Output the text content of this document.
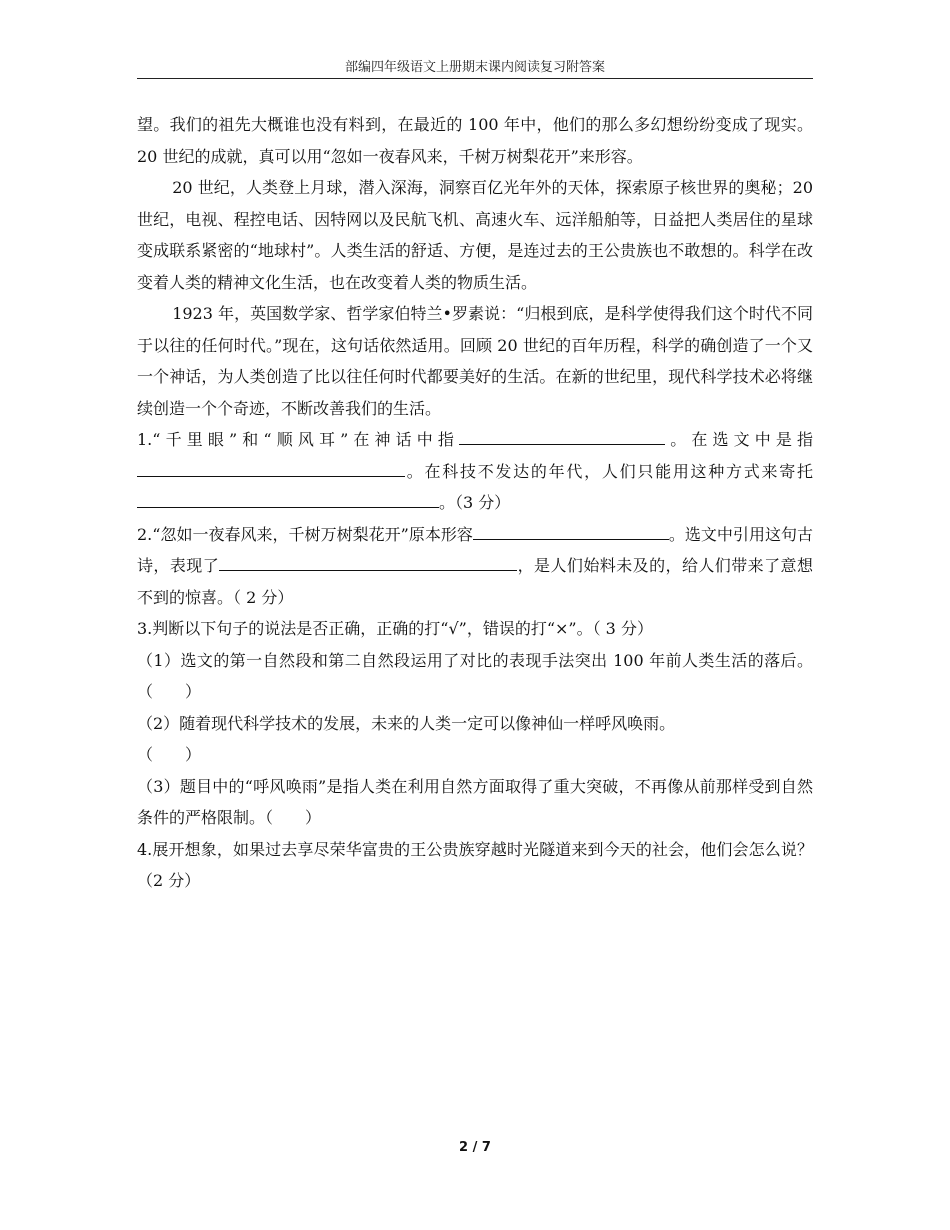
部编四年级语文上册期末课内阅读复习附答案

望。我们的祖先大概谁也没有料到，在最近的 100 年中，他们的那么多幻想纷纷变成了现实。20 世纪的成就，真可以用“忽如一夜春风来，千树万树梨花开”来形容。

20 世纪，人类登上月球，潜入深海，洞察百亿光年外的天体，探索原子核世界的奥秘；20 世纪，电视、程控电话、因特网以及民航飞机、高速火车、远洋船舶等，日益把人类居住的星球变成联系紧密的“地球村”。人类生活的舒适、方便，是连过去的王公贵族也不敢想的。科学在改变着人类的精神文化生活，也在改变着人类的物质生活。

1923 年，英国数学家、哲学家伯特兰•罗素说：“归根到底，是科学使得我们这个时代不同于以往的任何时代。”现在，这句话依然适用。回顾 20 世纪的百年历程，科学的确创造了一个又一个神话，为人类创造了比以往任何时代都要美好的生活。在新的世纪里，现代科学技术必将继续创造一个个奇迹，不断改善我们的生活。

1.“千里眼”和“顺风耳”在神话中指	。在选文中是指。在科技不发达的年代，人们只能用这种方式来寄托。（3 分）

2.“忽如一夜春风来，千树万树梨花开”原本形容	。选文中引用这句古诗，表现了	，是人们始料未及的，给人们带来了意想不到的惊喜。（ 2 分）

3.判断以下句子的说法是否正确，正确的打“√”，错误的打“×”。（ 3 分）

（1）选文的第一自然段和第二自然段运用了对比的表现手法突出 100 年前人类生活的落后。（　　）

（2）随着现代科学技术的发展，未来的人类一定可以像神仙一样呼风唤雨。

（　　）

（3）题目中的“呼风唤雨”是指人类在利用自然方面取得了重大突破，不再像从前那样受到自然条件的严格限制。（　　）

4.展开想象，如果过去享尽荣华富贵的王公贵族穿越时光隧道来到今天的社会，他们会怎么说？（2 分）

2 / 7
